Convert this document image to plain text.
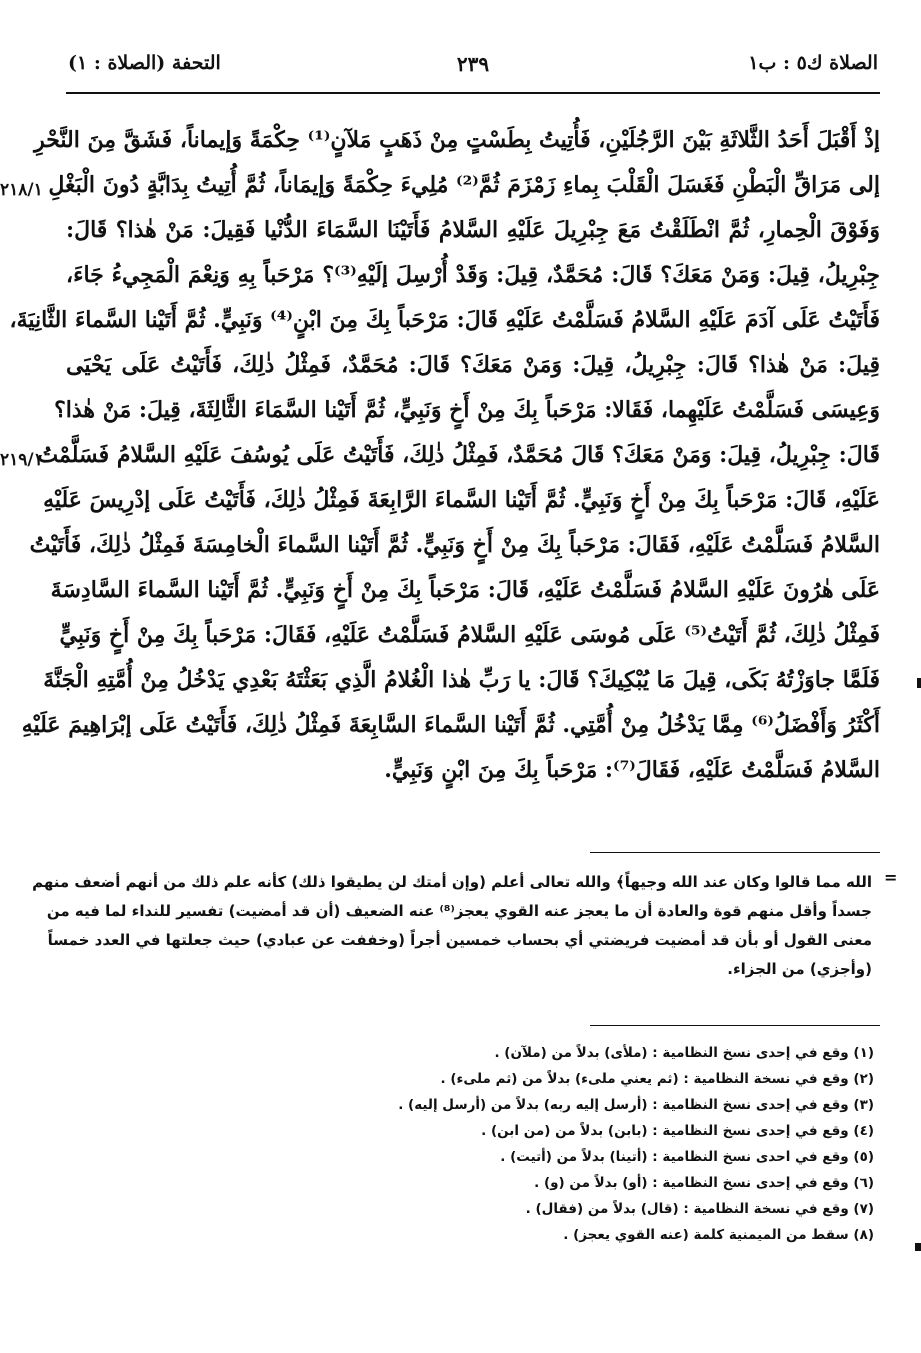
الصلاة ك٥ : ب١
٢٣٩
التحفة (الصلاة : ١)
٢١٨/١
٢١٩/١
إذْ أَقْبَلَ أَحَدُ الثَّلاثَةِ بَيْنَ الرَّجُلَيْنِ، فَأُتِيتُ بِطَسْتٍ مِنْ ذَهَبٍ مَلآنٍ⁽¹⁾ حِكْمَةً وَإيماناً، فَشَقَّ مِنَ النَّحْرِ
إلى مَرَاقِّ الْبَطْنِ فَغَسَلَ الْقَلْبَ بِماءِ زَمْزَمَ ثُمَّ⁽²⁾ مُلِيءَ حِكْمَةً وَإيمَاناً، ثُمَّ أُتِيتُ بِدَابَّةٍ دُونَ الْبَغْلِ
وَفَوْقَ الْحِمارِ، ثُمَّ انْطَلَقْتُ مَعَ جِبْرِيلَ عَلَيْهِ السَّلامُ فَأَتَيْنَا السَّمَاءَ الدُّنْيا فَقِيلَ: مَنْ هٰذا؟ قَالَ:
جِبْرِيلُ، قِيلَ: وَمَنْ مَعَكَ؟ قَالَ: مُحَمَّدٌ، قِيلَ: وَقَدْ أُرْسِلَ إلَيْهِ⁽³⁾؟ مَرْحَباً بِهِ وَنِعْمَ الْمَجِيءُ جَاءَ،
فَأَتَيْتُ عَلَى آدَمَ عَلَيْهِ السَّلامُ فَسَلَّمْتُ عَلَيْهِ قَالَ: مَرْحَباً بِكَ مِنَ ابْنٍ⁽⁴⁾ وَنَبِيٍّ. ثُمَّ أَتَيْنا السَّماءَ الثَّانِيَةَ،
قِيلَ: مَنْ هٰذا؟ قَالَ: جِبْرِيلُ، قِيلَ: وَمَنْ مَعَكَ؟ قَالَ: مُحَمَّدٌ، فَمِثْلُ ذٰلِكَ، فَأَتَيْتُ عَلَى يَحْيَى
وَعِيسَى فَسَلَّمْتُ عَلَيْهِما، فَقَالا: مَرْحَباً بِكَ مِنْ أَخٍ وَنَبِيٍّ، ثُمَّ أَتَيْنا السَّمَاءَ الثَّالِثَةَ، قِيلَ: مَنْ هٰذا؟
قَالَ: جِبْرِيلُ، قِيلَ: وَمَنْ مَعَكَ؟ قَالَ مُحَمَّدٌ، فَمِثْلُ ذٰلِكَ، فَأَتَيْتُ عَلَى يُوسُفَ عَلَيْهِ السَّلامُ فَسَلَّمْتُ
عَلَيْهِ، قَالَ: مَرْحَباً بِكَ مِنْ أَخٍ وَنَبِيٍّ. ثُمَّ أَتَيْنا السَّماءَ الرَّابِعَةَ فَمِثْلُ ذٰلِكَ، فَأَتَيْتُ عَلَى إدْرِيسَ عَلَيْهِ
السَّلامُ فَسَلَّمْتُ عَلَيْهِ، فَقَالَ: مَرْحَباً بِكَ مِنْ أَخٍ وَنَبِيٍّ. ثُمَّ أَتَيْنا السَّماءَ الْخامِسَةَ فَمِثْلُ ذٰلِكَ، فَأَتَيْتُ
عَلَى هٰرُونَ عَلَيْهِ السَّلامُ فَسَلَّمْتُ عَلَيْهِ، قَالَ: مَرْحَباً بِكَ مِنْ أَخٍ وَنَبِيٍّ. ثُمَّ أَتَيْنا السَّماءَ السَّادِسَةَ
فَمِثْلُ ذٰلِكَ، ثُمَّ أَتَيْتُ⁽⁵⁾ عَلَى مُوسَى عَلَيْهِ السَّلامُ فَسَلَّمْتُ عَلَيْهِ، فَقَالَ: مَرْحَباً بِكَ مِنْ أَخٍ وَنَبِيٍّ
فَلَمَّا جاوَزْتُهُ بَكَى، قِيلَ مَا يُبْكِيكَ؟ قَالَ: يا رَبِّ هٰذا الْغُلامُ الَّذِي بَعَثْتَهُ بَعْدِي يَدْخُلُ مِنْ أُمَّتِهِ الْجَنَّةَ
أَكْثَرُ وَأَفْضَلُ⁽⁶⁾ مِمَّا يَدْخُلُ مِنْ أُمَّتِي. ثُمَّ أَتَيْنا السَّماءَ السَّابِعَةَ فَمِثْلُ ذٰلِكَ، فَأَتَيْتُ عَلَى إبْرَاهِيمَ عَلَيْهِ
السَّلامُ فَسَلَّمْتُ عَلَيْهِ، فَقَالَ⁽⁷⁾: مَرْحَباً بِكَ مِنَ ابْنٍ وَنَبِيٍّ.
=
الله مما قالوا وكان عند الله وجيهاً﴾ والله تعالى أعلم (وإن أمتك لن يطيقوا ذلك) كأنه علم ذلك من أنهم أضعف منهم
جسداً وأقل منهم قوة والعادة أن ما يعجز عنه القوي يعجز⁽⁸⁾ عنه الضعيف (أن قد أمضيت) تفسير للنداء لما فيه من
معنى القول أو بأن قد أمضيت فريضتي أي بحساب خمسين أجراً (وخففت عن عبادي) حيث جعلتها في العدد خمساً
(وأجزي) من الجزاء.
(١) وقع في إحدى نسخ النظامية : (ملأى) بدلاً من (ملآن) .
(٢) وقع في نسخة النظامية : (ثم يعني ملىء) بدلاً من (ثم ملىء) .
(٣) وقع في إحدى نسخ النظامية : (أرسل إليه ربه) بدلاً من (أرسل إليه) .
(٤) وقع في إحدى نسخ النظامية : (بابن) بدلاً من (من ابن) .
(٥) وقع في احدى نسخ النظامية : (أتينا) بدلاً من (أتيت) .
(٦) وقع في إحدى نسخ النظامية : (أو) بدلاً من (و) .
(٧) وقع في نسخة النظامية : (قال) بدلاً من (فقال) .
(٨) سقط من الميمنية كلمة (عنه القوي يعجز) .
